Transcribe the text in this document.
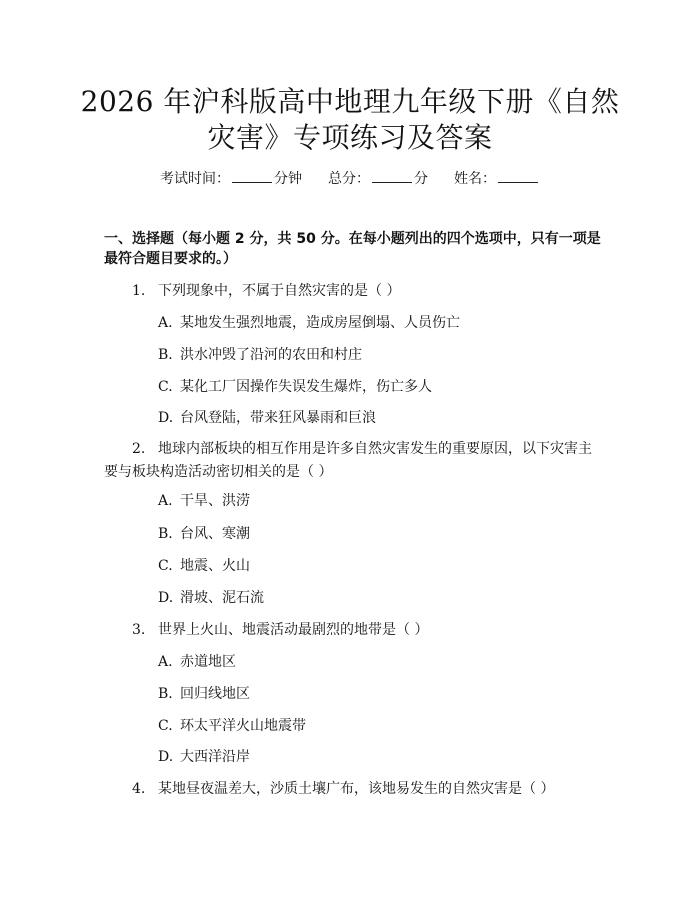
2026 年沪科版高中地理九年级下册《自然灾害》专项练习及答案
考试时间：	分钟 总分：	分 姓名：
一、选择题（每小题 2 分，共 50 分。在每小题列出的四个选项中，只有一项是最符合题目要求的。）
1. 下列现象中，不属于自然灾害的是（ ）
A. 某地发生强烈地震，造成房屋倒塌、人员伤亡
B. 洪水冲毁了沿河的农田和村庄
C. 某化工厂因操作失误发生爆炸，伤亡多人
D. 台风登陆，带来狂风暴雨和巨浪
2. 地球内部板块的相互作用是许多自然灾害发生的重要原因，以下灾害主要与板块构造活动密切相关的是（ ）
A. 干旱、洪涝
B. 台风、寒潮
C. 地震、火山
D. 滑坡、泥石流
3. 世界上火山、地震活动最剧烈的地带是（ ）
A. 赤道地区
B. 回归线地区
C. 环太平洋火山地震带
D. 大西洋沿岸
4. 某地昼夜温差大，沙质土壤广布，该地易发生的自然灾害是（ ）
